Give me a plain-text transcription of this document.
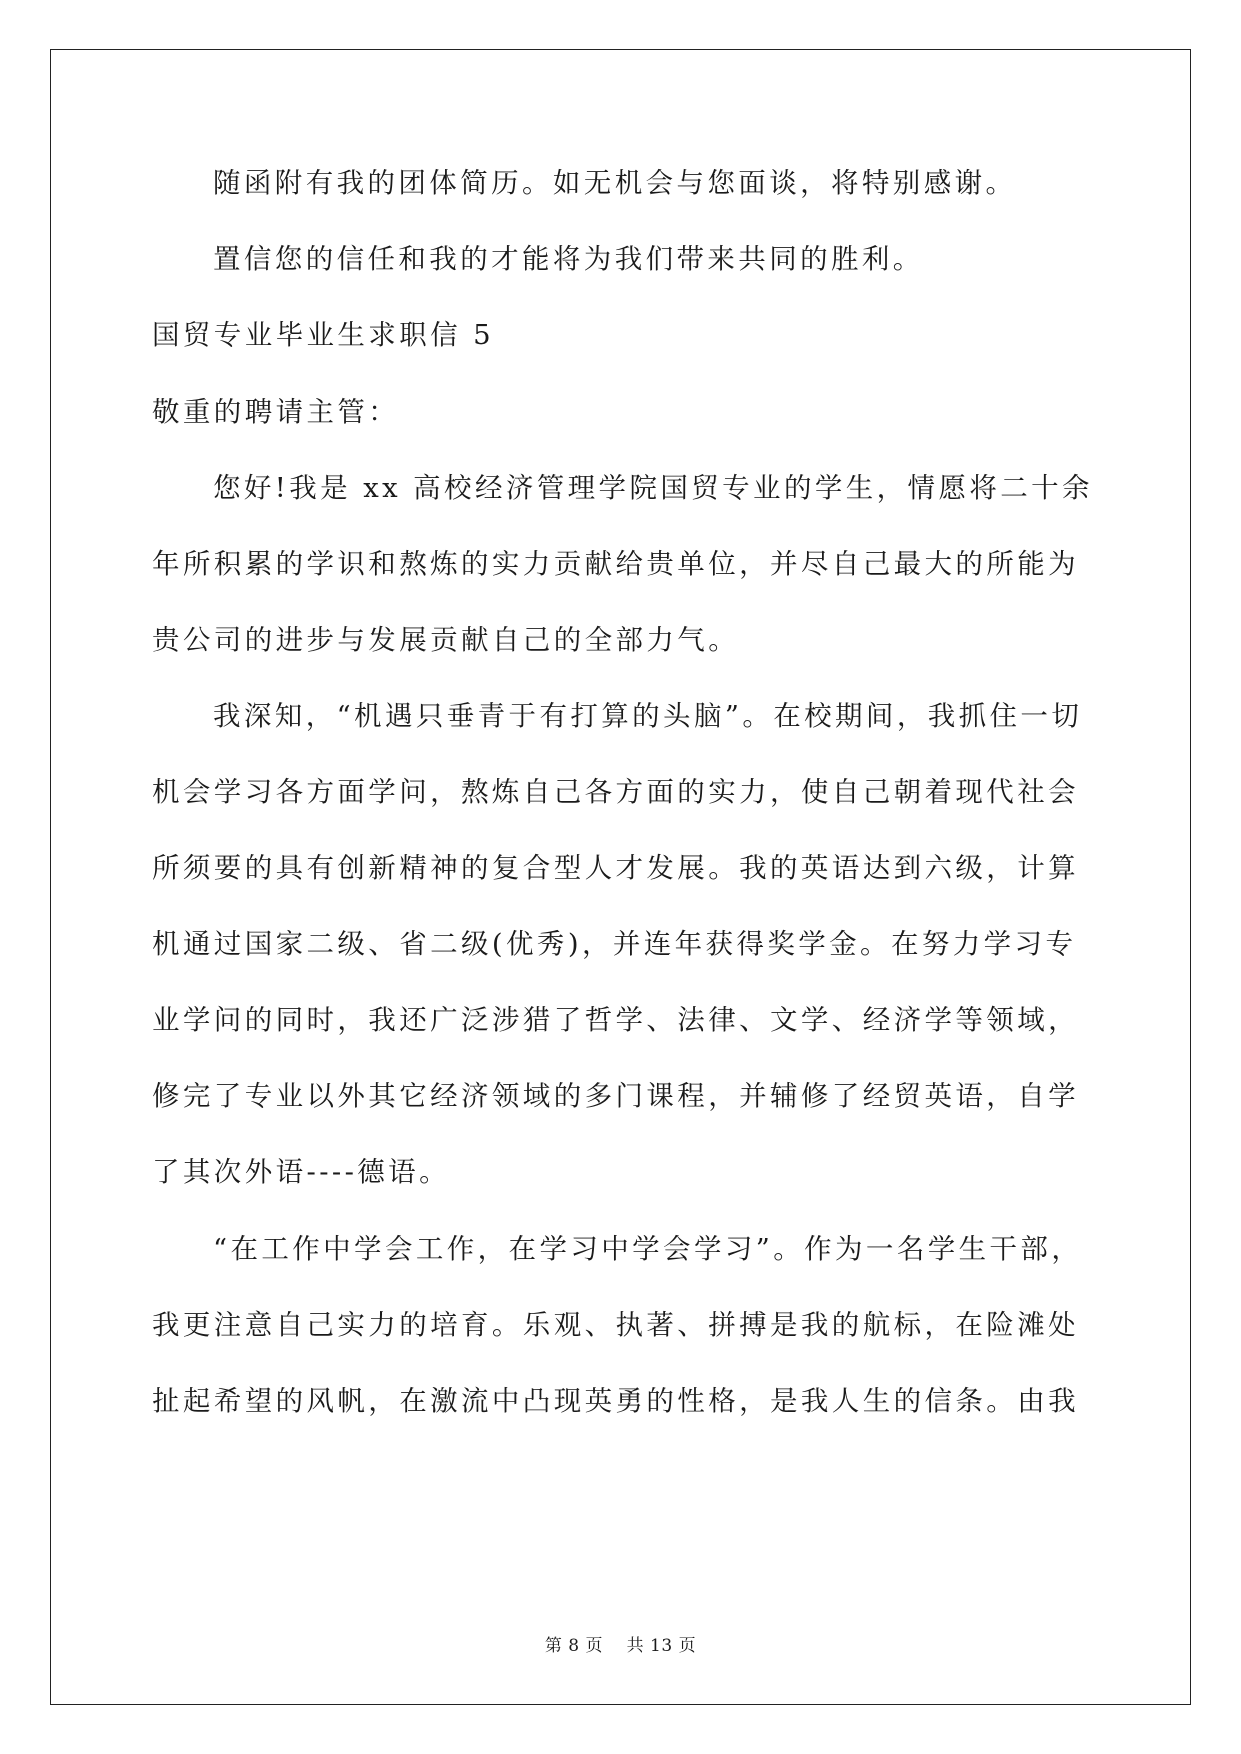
随函附有我的团体简历。如无机会与您面谈，将特别感谢。
置信您的信任和我的才能将为我们带来共同的胜利。
国贸专业毕业生求职信 5
敬重的聘请主管：
您好!我是 xx 高校经济管理学院国贸专业的学生，情愿将二十余
年所积累的学识和熬炼的实力贡献给贵单位，并尽自己最大的所能为
贵公司的进步与发展贡献自己的全部力气。
我深知，“机遇只垂青于有打算的头脑”。在校期间，我抓住一切
机会学习各方面学问，熬炼自己各方面的实力，使自己朝着现代社会
所须要的具有创新精神的复合型人才发展。我的英语达到六级，计算
机通过国家二级、省二级(优秀)，并连年获得奖学金。在努力学习专
业学问的同时，我还广泛涉猎了哲学、法律、文学、经济学等领域，
修完了专业以外其它经济领域的多门课程，并辅修了经贸英语，自学
了其次外语----德语。
“在工作中学会工作，在学习中学会学习”。作为一名学生干部，
我更注意自己实力的培育。乐观、执著、拼搏是我的航标，在险滩处
扯起希望的风帆，在激流中凸现英勇的性格，是我人生的信条。由我
第 8 页 共 13 页
